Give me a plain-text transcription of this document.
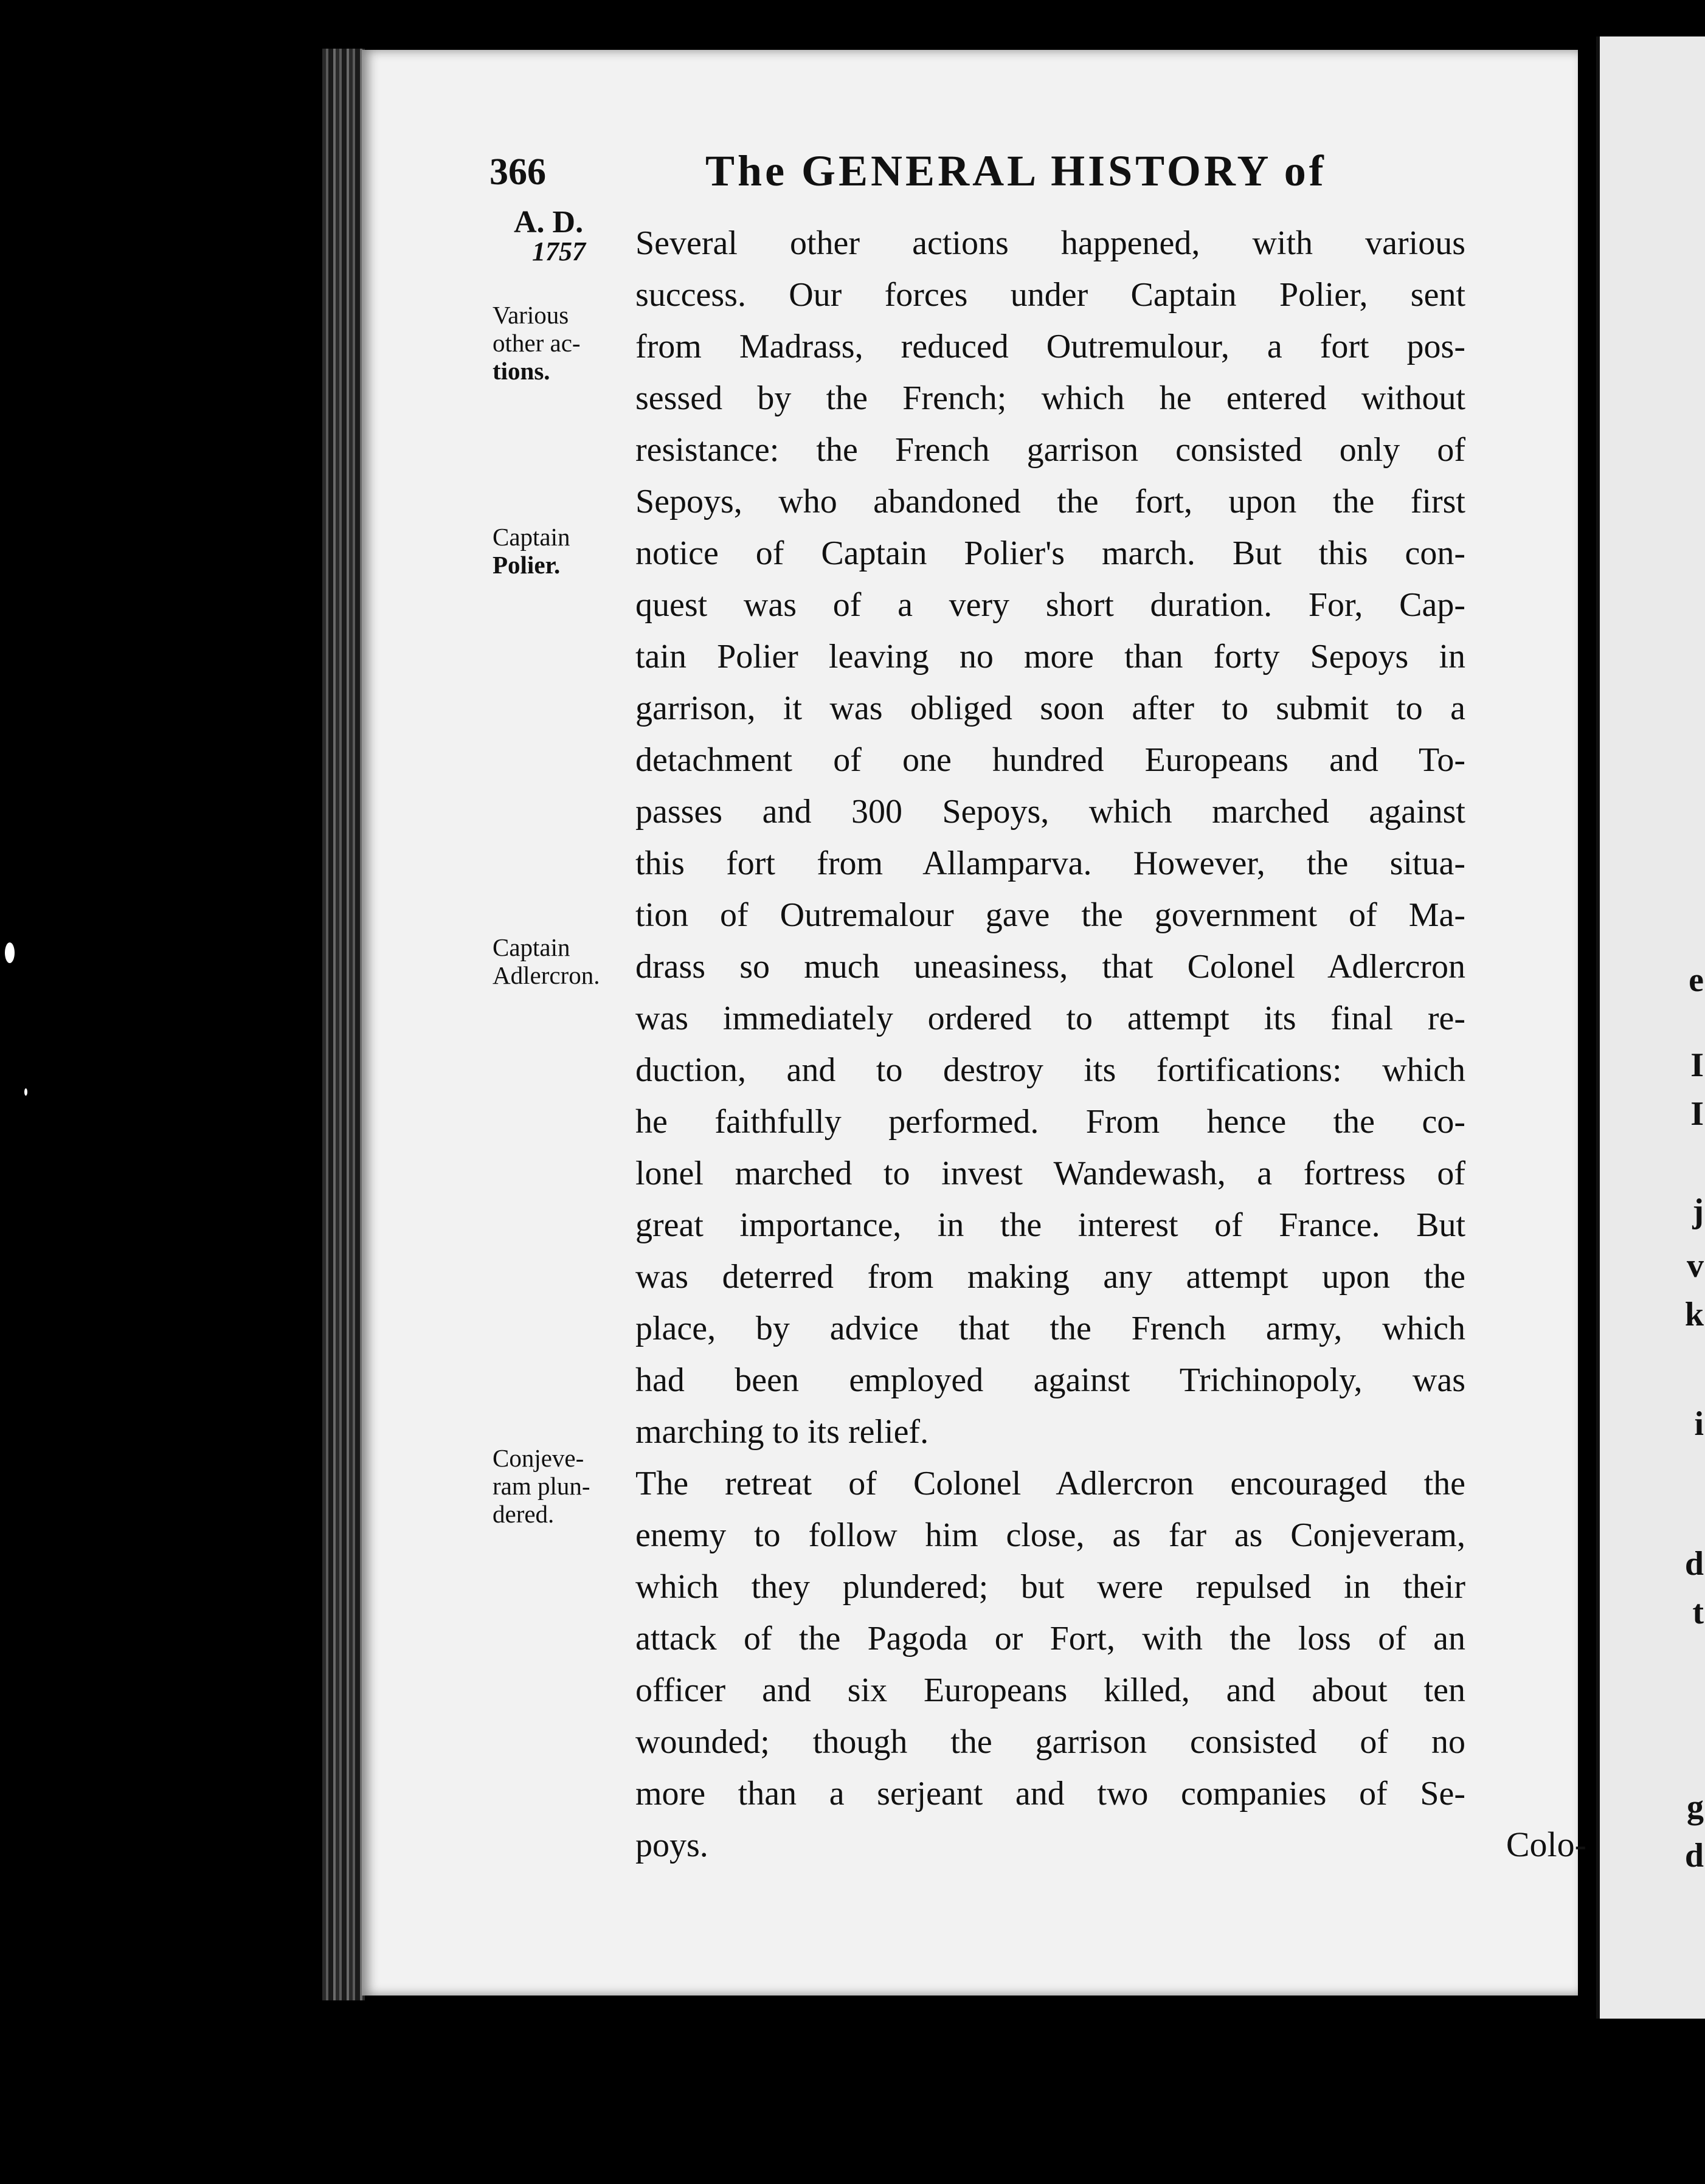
e
I
I
j
v
k
i
d
t
g
d
366	The GENERAL HISTORY of
A. D.
1757
Various
other ac-
tions.
Captain
Polier.
Captain
Adlercron.
Conjeve-
ram plun-
dered.
Several other actions happened, with various
success. Our forces under Captain Polier, sent
from Madrass, reduced Outremulour, a fort pos-
sessed by the French; which he entered without
resistance: the French garrison consisted only of
Sepoys, who abandoned the fort, upon the first
notice of Captain Polier's march. But this con-
quest was of a very short duration. For, Cap-
tain Polier leaving no more than forty Sepoys in
garrison, it was obliged soon after to submit to a
detachment of one hundred Europeans and To-
passes and 300 Sepoys, which marched against
this fort from Allamparva. However, the situa-
tion of Outremalour gave the government of Ma-
drass so much uneasiness, that Colonel Adlercron
was immediately ordered to attempt its final re-
duction, and to destroy its fortifications: which
he faithfully performed. From hence the co-
lonel marched to invest Wandewash, a fortress of
great importance, in the interest of France. But
was deterred from making any attempt upon the
place, by advice that the French army, which
had been employed against Trichinopoly, was
marching to its relief.
The retreat of Colonel Adlercron encouraged the
enemy to follow him close, as far as Conjeveram,
which they plundered; but were repulsed in their
attack of the Pagoda or Fort, with the loss of an
officer and six Europeans killed, and about ten
wounded; though the garrison consisted of no
more than a serjeant and two companies of Se-
poys.	Colo-
